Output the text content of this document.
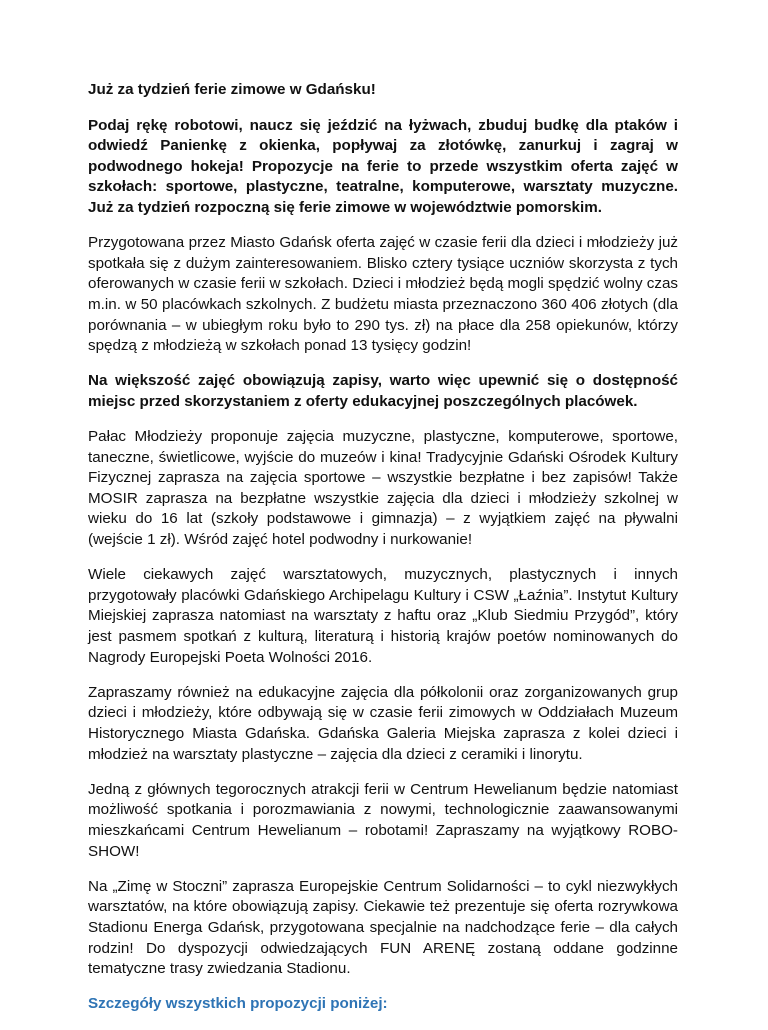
Już za tydzień ferie zimowe w Gdańsku!

Podaj rękę robotowi, naucz się jeździć na łyżwach, zbuduj budkę dla ptaków i odwiedź Panienkę z okienka, popływaj za złotówkę, zanurkuj i zagraj w podwodnego hokeja! Propozycje na ferie to przede wszystkim oferta zajęć w szkołach: sportowe, plastyczne, teatralne, komputerowe, warsztaty muzyczne. Już za tydzień rozpoczną się ferie zimowe w województwie pomorskim.

Przygotowana przez Miasto Gdańsk oferta zajęć w czasie ferii dla dzieci i młodzieży już spotkała się z dużym zainteresowaniem. Blisko cztery tysiące uczniów skorzysta z tych oferowanych w czasie ferii w szkołach. Dzieci i młodzież będą mogli spędzić wolny czas m.in. w 50 placówkach szkolnych. Z budżetu miasta przeznaczono 360 406 złotych (dla porównania – w ubiegłym roku było to 290 tys. zł) na płace dla 258 opiekunów, którzy spędzą z młodzieżą w szkołach ponad 13 tysięcy godzin!

Na większość zajęć obowiązują zapisy, warto więc upewnić się o dostępność miejsc przed skorzystaniem z oferty edukacyjnej poszczególnych placówek.

Pałac Młodzieży proponuje zajęcia muzyczne, plastyczne, komputerowe, sportowe, taneczne, świetlicowe, wyjście do muzeów i kina! Tradycyjnie Gdański Ośrodek Kultury Fizycznej zaprasza na zajęcia sportowe – wszystkie bezpłatne i bez zapisów! Także MOSIR zaprasza na bezpłatne wszystkie zajęcia dla dzieci i młodzieży szkolnej w wieku do 16 lat (szkoły podstawowe i gimnazja) – z wyjątkiem zajęć na pływalni (wejście 1 zł). Wśród zajęć hotel podwodny i nurkowanie!

Wiele ciekawych zajęć warsztatowych, muzycznych, plastycznych i innych przygotowały placówki Gdańskiego Archipelagu Kultury i CSW „Łaźnia”. Instytut Kultury Miejskiej zaprasza natomiast na warsztaty z haftu oraz „Klub Siedmiu Przygód”, który jest pasmem spotkań z kulturą, literaturą i historią krajów poetów nominowanych do Nagrody Europejski Poeta Wolności 2016.

Zapraszamy również na edukacyjne zajęcia dla półkolonii oraz zorganizowanych grup dzieci i młodzieży, które odbywają się w czasie ferii zimowych w Oddziałach Muzeum Historycznego Miasta Gdańska. Gdańska Galeria Miejska zaprasza z kolei dzieci i młodzież na warsztaty plastyczne – zajęcia dla dzieci z ceramiki i linorytu.

Jedną z głównych tegorocznych atrakcji ferii w Centrum Hewelianum będzie natomiast możliwość spotkania i porozmawiania z nowymi, technologicznie zaawansowanymi mieszkańcami Centrum Hewelianum – robotami! Zapraszamy na wyjątkowy ROBO-SHOW!

Na „Zimę w Stoczni” zaprasza Europejskie Centrum Solidarności – to cykl niezwykłych warsztatów, na które obowiązują zapisy. Ciekawie też prezentuje się oferta rozrywkowa Stadionu Energa Gdańsk, przygotowana specjalnie na nadchodzące ferie – dla całych rodzin! Do dyspozycji odwiedzających FUN ARENĘ zostaną oddane godzinne tematyczne trasy zwiedzania Stadionu.

Szczegóły wszystkich propozycji poniżej:
